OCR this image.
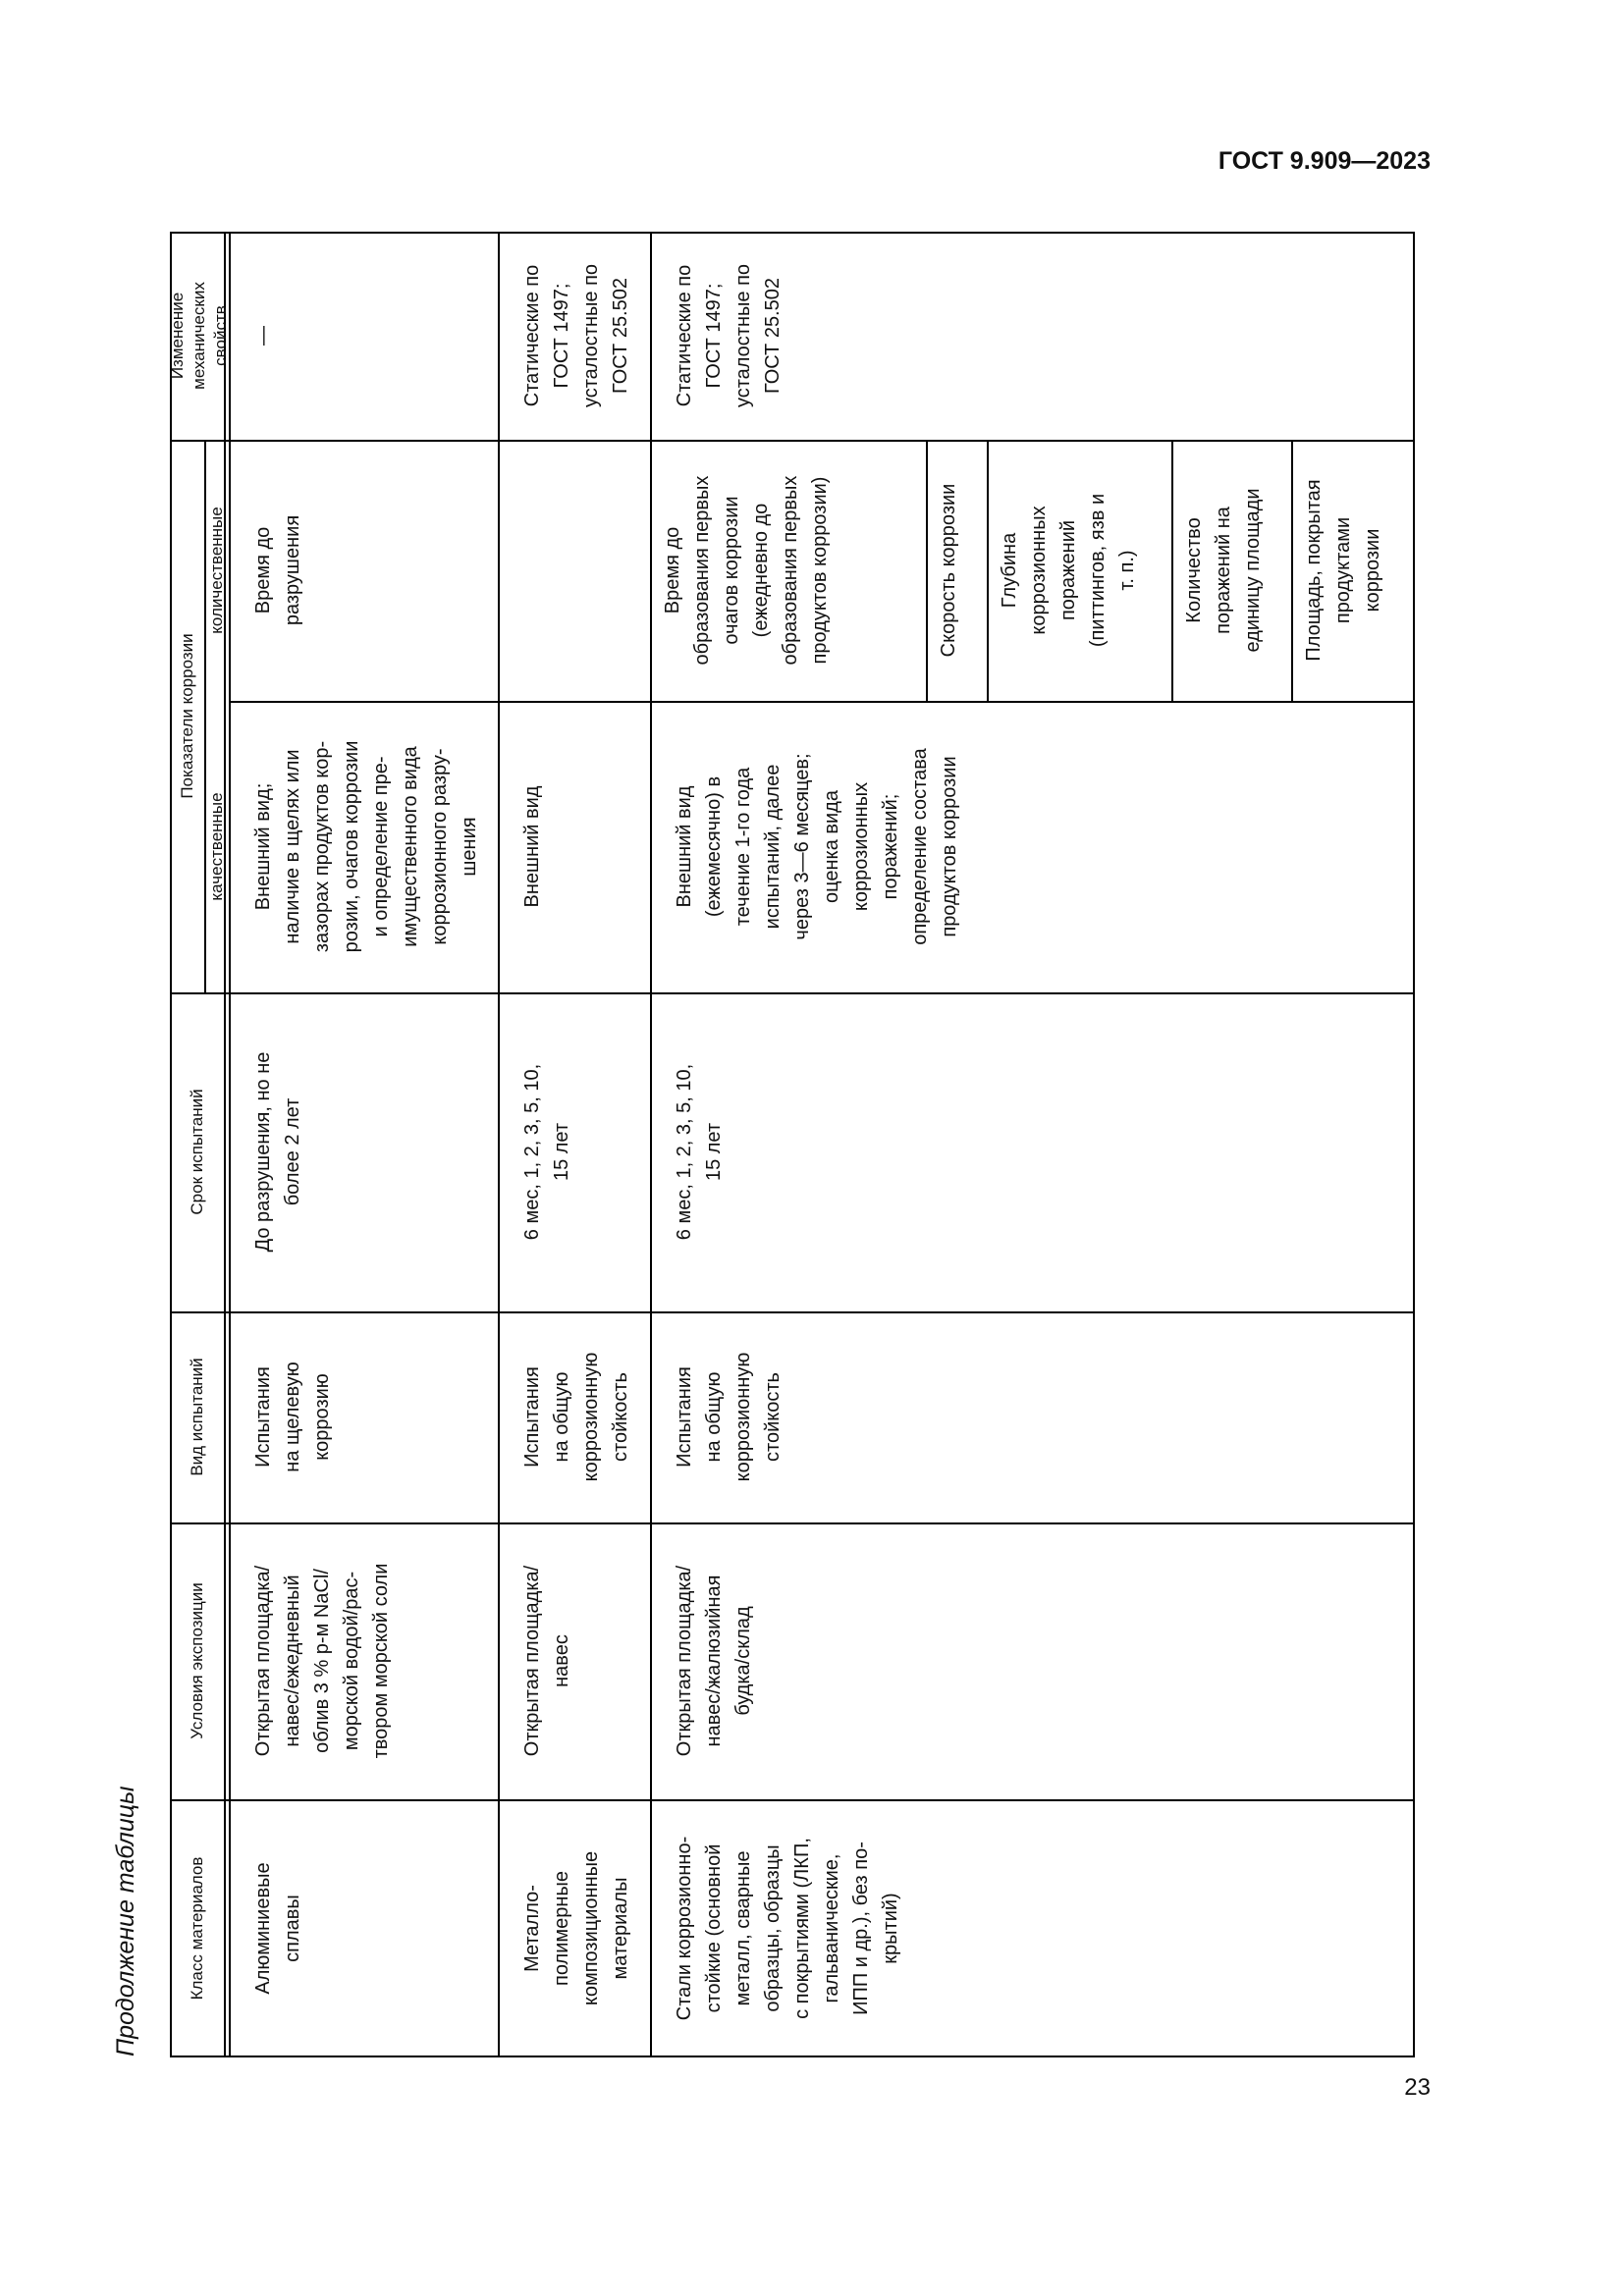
ГОСТ 9.909—2023
Продолжение таблицы
23
Класс материалов
Условия экспозиции
Вид испытаний
Срок испытаний
Показатели коррозии
качественные
количественные
Изменение механических свойств
Алюминиевые сплавы
Открытая площадка/ навес/ежедневный облив 3 % р-м NaCl/ морской водой/рас- твором морской соли
Испытания на щелевую коррозию
До разрушения, но не более 2 лет
Внешний вид; наличие в щелях или зазорах продуктов кор- розии, очагов коррозии и определение пре- имущественного вида коррозионного разру- шения
Время до разрушения
—
Металло- полимерные композиционные материалы
Открытая площадка/ навес
Испытания на общую коррозионную стойкость
6 мес, 1, 2, 3, 5, 10, 15 лет
Внешний вид
Статические по ГОСТ 1497; усталостные по ГОСТ 25.502
Стали коррозионно- стойкие (основной металл, сварные образцы, образцы с покрытиями (ЛКП, гальванические, ИПП и др.), без по- крытий)
Открытая площадка/ навес/жалюзийная будка/склад
Испытания на общую коррозионную стойкость
6 мес, 1, 2, 3, 5, 10, 15 лет
Внешний вид (ежемесячно) в течение 1-го года испытаний, далее через 3—6 месяцев; оценка вида коррозионных поражений; определение состава продуктов коррозии
Время до образования первых очагов коррозии (ежедневно до образования первых продуктов коррозии)	Скорость коррозии Глубина коррозионных поражений (питтингов, язв и т. п.) Количество поражений на единицу площади Площадь, покрытая продуктами коррозии
Статические по ГОСТ 1497; усталостные по ГОСТ 25.502
